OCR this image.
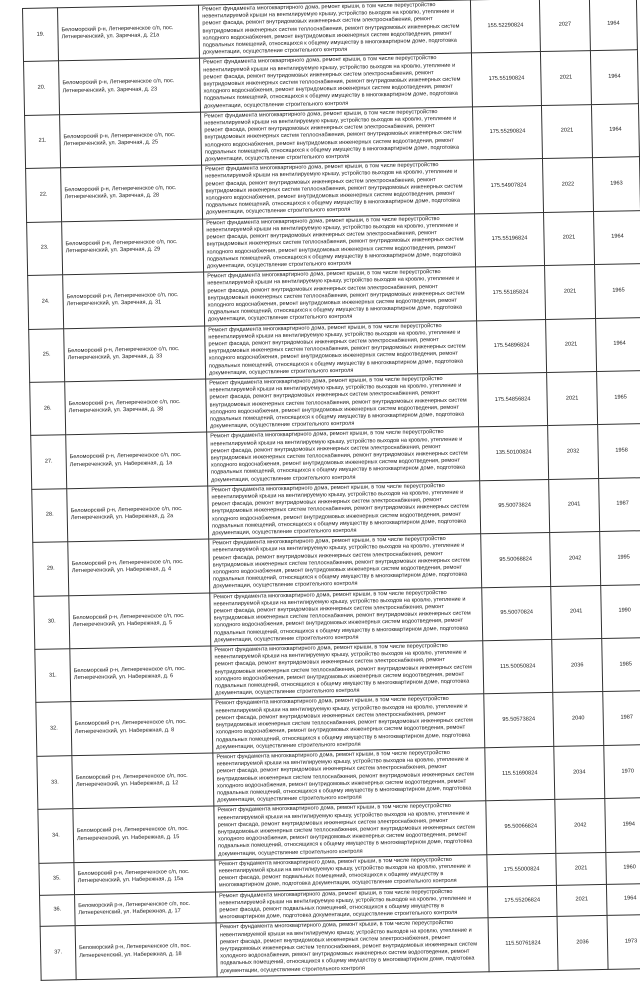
19.	Беломорский р-н, Летнереченское с/п, пос. Летнереченский, ул. Заречная, д. 21а	Ремонт фундамента многоквартирного дома, ремонт крыши, в том числе переустройство невентилируемой крыши на вентилируемую крышу, устройство выходов на кровлю, утепление и ремонт фасада, ремонт внутридомовых инженерных систем электроснабжения, ремонт внутридомовых инженерных систем теплоснабжения, ремонт внутридомовых инженерных систем холодного водоснабжения, ремонт внутридомовых инженерных систем водоотведения, ремонт подвальных помещений, относящихся к общему имуществу в многоквартирном доме, подготовка документации, осуществление строительного контроля	155.52290824	2027	1964
20.	Беломорский р-н, Летнереченское с/п, пос. Летнереченский, ул. Заречная, д. 23	Ремонт фундамента многоквартирного дома, ремонт крыши, в том числе переустройство невентилируемой крыши на вентилируемую крышу, устройство выходов на кровлю, утепление и ремонт фасада, ремонт внутридомовых инженерных систем электроснабжения, ремонт внутридомовых инженерных систем теплоснабжения, ремонт внутридомовых инженерных систем холодного водоснабжения, ремонт внутридомовых инженерных систем водоотведения, ремонт подвальных помещений, относящихся к общему имуществу в многоквартирном доме, подготовка документации, осуществление строительного контроля	175.55190824	2021	1964
21.	Беломорский р-н, Летнереченское с/п, пос. Летнереченский, ул. Заречная, д. 25	Ремонт фундамента многоквартирного дома, ремонт крыши, в том числе переустройство невентилируемой крыши на вентилируемую крышу, устройство выходов на кровлю, утепление и ремонт фасада, ремонт внутридомовых инженерных систем электроснабжения, ремонт внутридомовых инженерных систем теплоснабжения, ремонт внутридомовых инженерных систем холодного водоснабжения, ремонт внутридомовых инженерных систем водоотведения, ремонт подвальных помещений, относящихся к общему имуществу в многоквартирном доме, подготовка документации, осуществление строительного контроля	175.55290824	2021	1964
22.	Беломорский р-н, Летнереченское с/п, пос. Летнереченский, ул. Заречная, д. 28	Ремонт фундамента многоквартирного дома, ремонт крыши, в том числе переустройство невентилируемой крыши на вентилируемую крышу, устройство выходов на кровлю, утепление и ремонт фасада, ремонт внутридомовых инженерных систем электроснабжения, ремонт внутридомовых инженерных систем теплоснабжения, ремонт внутридомовых инженерных систем холодного водоснабжения, ремонт внутридомовых инженерных систем водоотведения, ремонт подвальных помещений, относящихся к общему имуществу в многоквартирном доме, подготовка документации, осуществление строительного контроля	175.54907824	2022	1963
23.	Беломорский р-н, Летнереченское с/п, пос. Летнереченский, ул. Заречная, д. 29	Ремонт фундамента многоквартирного дома, ремонт крыши, в том числе переустройство невентилируемой крыши на вентилируемую крышу, устройство выходов на кровлю, утепление и ремонт фасада, ремонт внутридомовых инженерных систем электроснабжения, ремонт внутридомовых инженерных систем теплоснабжения, ремонт внутридомовых инженерных систем холодного водоснабжения, ремонт внутридомовых инженерных систем водоотведения, ремонт подвальных помещений, относящихся к общему имуществу в многоквартирном доме, подготовка документации, осуществление строительного контроля	175.55196824	2021	1964
24.	Беломорский р-н, Летнереченское с/п, пос. Летнереченский, ул. Заречная, д. 31	Ремонт фундамента многоквартирного дома, ремонт крыши, в том числе переустройство невентилируемой крыши на вентилируемую крышу, устройство выходов на кровлю, утепление и ремонт фасада, ремонт внутридомовых инженерных систем электроснабжения, ремонт внутридомовых инженерных систем теплоснабжения, ремонт внутридомовых инженерных систем холодного водоснабжения, ремонт внутридомовых инженерных систем водоотведения, ремонт подвальных помещений, относящихся к общему имуществу в многоквартирном доме, подготовка документации, осуществление строительного контроля	175.55185824	2021	1965
25.	Беломорский р-н, Летнереченское с/п, пос. Летнереченский, ул. Заречная, д. 33	Ремонт фундамента многоквартирного дома, ремонт крыши, в том числе переустройство невентилируемой крыши на вентилируемую крышу, устройство выходов на кровлю, утепление и ремонт фасада, ремонт внутридомовых инженерных систем электроснабжения, ремонт внутридомовых инженерных систем теплоснабжения, ремонт внутридомовых инженерных систем холодного водоснабжения, ремонт внутридомовых инженерных систем водоотведения, ремонт подвальных помещений, относящихся к общему имуществу в многоквартирном доме, подготовка документации, осуществление строительного контроля	175.54896824	2021	1964
26.	Беломорский р-н, Летнереченское с/п, пос. Летнереченский, ул. Заречная, д. 38	Ремонт фундамента многоквартирного дома, ремонт крыши, в том числе переустройство невентилируемой крыши на вентилируемую крышу, устройство выходов на кровлю, утепление и ремонт фасада, ремонт внутридомовых инженерных систем электроснабжения, ремонт внутридомовых инженерных систем теплоснабжения, ремонт внутридомовых инженерных систем холодного водоснабжения, ремонт внутридомовых инженерных систем водоотведения, ремонт подвальных помещений, относящихся к общему имуществу в многоквартирном доме, подготовка документации, осуществление строительного контроля	175.54856824	2021	1965
27.	Беломорский р-н, Летнереченское с/п, пос. Летнереченский, ул. Набережная, д. 1а	Ремонт фундамента многоквартирного дома, ремонт крыши, в том числе переустройство невентилируемой крыши на вентилируемую крышу, устройство выходов на кровлю, утепление и ремонт фасада, ремонт внутридомовых инженерных систем электроснабжения, ремонт внутридомовых инженерных систем теплоснабжения, ремонт внутридомовых инженерных систем холодного водоснабжения, ремонт внутридомовых инженерных систем водоотведения, ремонт подвальных помещений, относящихся к общему имуществу в многоквартирном доме, подготовка документации, осуществление строительного контроля	135.50100824	2032	1958
28.	Беломорский р-н, Летнереченское с/п, пос. Летнереченский, ул. Набережная, д. 2а	Ремонт фундамента многоквартирного дома, ремонт крыши, в том числе переустройство невентилируемой крыши на вентилируемую крышу, устройство выходов на кровлю, утепление и ремонт фасада, ремонт внутридомовых инженерных систем электроснабжения, ремонт внутридомовых инженерных систем теплоснабжения, ремонт внутридомовых инженерных систем холодного водоснабжения, ремонт внутридомовых инженерных систем водоотведения, ремонт подвальных помещений, относящихся к общему имуществу в многоквартирном доме, подготовка документации, осуществление строительного контроля	95.50073824	2041	1987
29.	Беломорский р-н, Летнереченское с/п, пос. Летнереченский, ул. Набережная, д. 4	Ремонт фундамента многоквартирного дома, ремонт крыши, в том числе переустройство невентилируемой крыши на вентилируемую крышу, устройство выходов на кровлю, утепление и ремонт фасада, ремонт внутридомовых инженерных систем электроснабжения, ремонт внутридомовых инженерных систем теплоснабжения, ремонт внутридомовых инженерных систем холодного водоснабжения, ремонт внутридомовых инженерных систем водоотведения, ремонт подвальных помещений, относящихся к общему имуществу в многоквартирном доме, подготовка документации, осуществление строительного контроля	95.50068824	2042	1995
30.	Беломорский р-н, Летнереченское с/п, пос. Летнереченский, ул. Набережная, д. 5	Ремонт фундамента многоквартирного дома, ремонт крыши, в том числе переустройство невентилируемой крыши на вентилируемую крышу, устройство выходов на кровлю, утепление и ремонт фасада, ремонт внутридомовых инженерных систем электроснабжения, ремонт внутридомовых инженерных систем теплоснабжения, ремонт внутридомовых инженерных систем холодного водоснабжения, ремонт внутридомовых инженерных систем водоотведения, ремонт подвальных помещений, относящихся к общему имуществу в многоквартирном доме, подготовка документации, осуществление строительного контроля	95.50070824	2041	1990
31.	Беломорский р-н, Летнереченское с/п, пос. Летнереченский, ул. Набережная, д. 6	Ремонт фундамента многоквартирного дома, ремонт крыши, в том числе переустройство невентилируемой крыши на вентилируемую крышу, устройство выходов на кровлю, утепление и ремонт фасада, ремонт внутридомовых инженерных систем электроснабжения, ремонт внутридомовых инженерных систем теплоснабжения, ремонт внутридомовых инженерных систем холодного водоснабжения, ремонт внутридомовых инженерных систем водоотведения, ремонт подвальных помещений, относящихся к общему имуществу в многоквартирном доме, подготовка документации, осуществление строительного контроля	115.50050824	2036	1985
32.	Беломорский р-н, Летнереченское с/п, пос. Летнереченский, ул. Набережная, д. 8	Ремонт фундамента многоквартирного дома, ремонт крыши, в том числе переустройство невентилируемой крыши на вентилируемую крышу, устройство выходов на кровлю, утепление и ремонт фасада, ремонт внутридомовых инженерных систем электроснабжения, ремонт внутридомовых инженерных систем теплоснабжения, ремонт внутридомовых инженерных систем холодного водоснабжения, ремонт внутридомовых инженерных систем водоотведения, ремонт подвальных помещений, относящихся к общему имуществу в многоквартирном доме, подготовка документации, осуществление строительного контроля	95.50573824	2040	1987
33.	Беломорский р-н, Летнереченское с/п, пос. Летнереченский, ул. Набережная, д. 12	Ремонт фундамента многоквартирного дома, ремонт крыши, в том числе переустройство невентилируемой крыши на вентилируемую крышу, устройство выходов на кровлю, утепление и ремонт фасада, ремонт внутридомовых инженерных систем электроснабжения, ремонт внутридомовых инженерных систем теплоснабжения, ремонт внутридомовых инженерных систем холодного водоснабжения, ремонт внутридомовых инженерных систем водоотведения, ремонт подвальных помещений, относящихся к общему имуществу в многоквартирном доме, подготовка документации, осуществление строительного контроля	115.51690824	2034	1970
34.	Беломорский р-н, Летнереченское с/п, пос. Летнереченский, ул. Набережная, д. 15	Ремонт фундамента многоквартирного дома, ремонт крыши, в том числе переустройство невентилируемой крыши на вентилируемую крышу, устройство выходов на кровлю, утепление и ремонт фасада, ремонт внутридомовых инженерных систем электроснабжения, ремонт внутридомовых инженерных систем теплоснабжения, ремонт внутридомовых инженерных систем холодного водоснабжения, ремонт внутридомовых инженерных систем водоотведения, ремонт подвальных помещений, относящихся к общему имуществу в многоквартирном доме, подготовка документации, осуществление строительного контроля	95.50066824	2042	1994
35.	Беломорский р-н, Летнереченское с/п, пос. Летнереченский, ул. Набережная, д. 15а	Ремонт фундамента многоквартирного дома, ремонт крыши, в том числе переустройство невентилируемой крыши на вентилируемую крышу, устройство выходов на кровлю, утепление и ремонт фасада, ремонт подвальных помещений, относящихся к общему имуществу в многоквартирном доме, подготовка документации, осуществление строительного контроля	175.55000824	2021	1960
36.	Беломорский р-н, Летнереченское с/п, пос. Летнереченский, ул. Набережная, д. 17	Ремонт фундамента многоквартирного дома, ремонт крыши, в том числе переустройство невентилируемой крыши на вентилируемую крышу, устройство выходов на кровлю, утепление и ремонт фасада, ремонт подвальных помещений, относящихся к общему имуществу в многоквартирном доме, подготовка документации, осуществление строительного контроля	175.55206824	2021	1964
37.	Беломорский р-н, Летнереченское с/п, пос. Летнереченский, ул. Набережная, д. 18	Ремонт фундамента многоквартирного дома, ремонт крыши, в том числе переустройство невентилируемой крыши на вентилируемую крышу, устройство выходов на кровлю, утепление и ремонт фасада, ремонт внутридомовых инженерных систем электроснабжения, ремонт внутридомовых инженерных систем теплоснабжения, ремонт внутридомовых инженерных систем холодного водоснабжения, ремонт внутридомовых инженерных систем водоотведения, ремонт подвальных помещений, относящихся к общему имуществу в многоквартирном доме, подготовка документации, осуществление строительного контроля	115.50761824	2036	1973
